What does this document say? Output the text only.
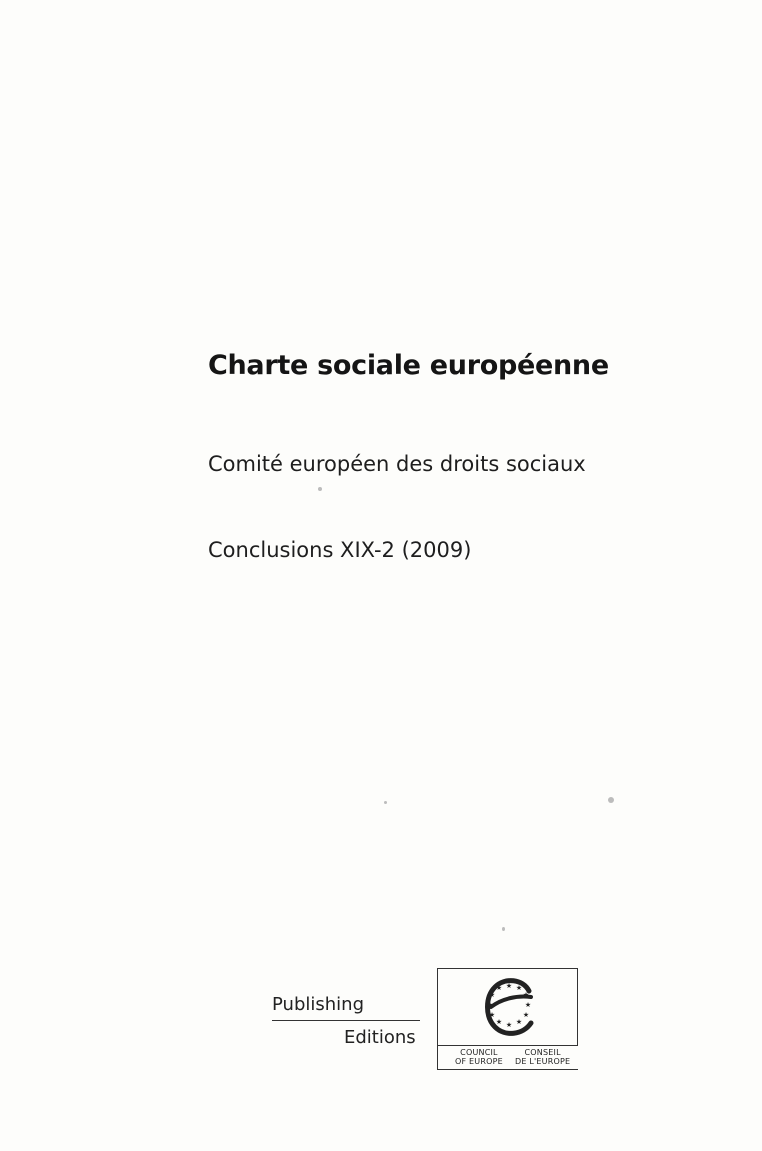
Charte sociale européenne
Comité européen des droits sociaux
Conclusions XIX-2 (2009)
Publishing
Editions
★ ★
★
★
★
★
★
★
★
★
★
★
COUNCIL
OF EUROPE
CONSEIL
DE L'EUROPE
